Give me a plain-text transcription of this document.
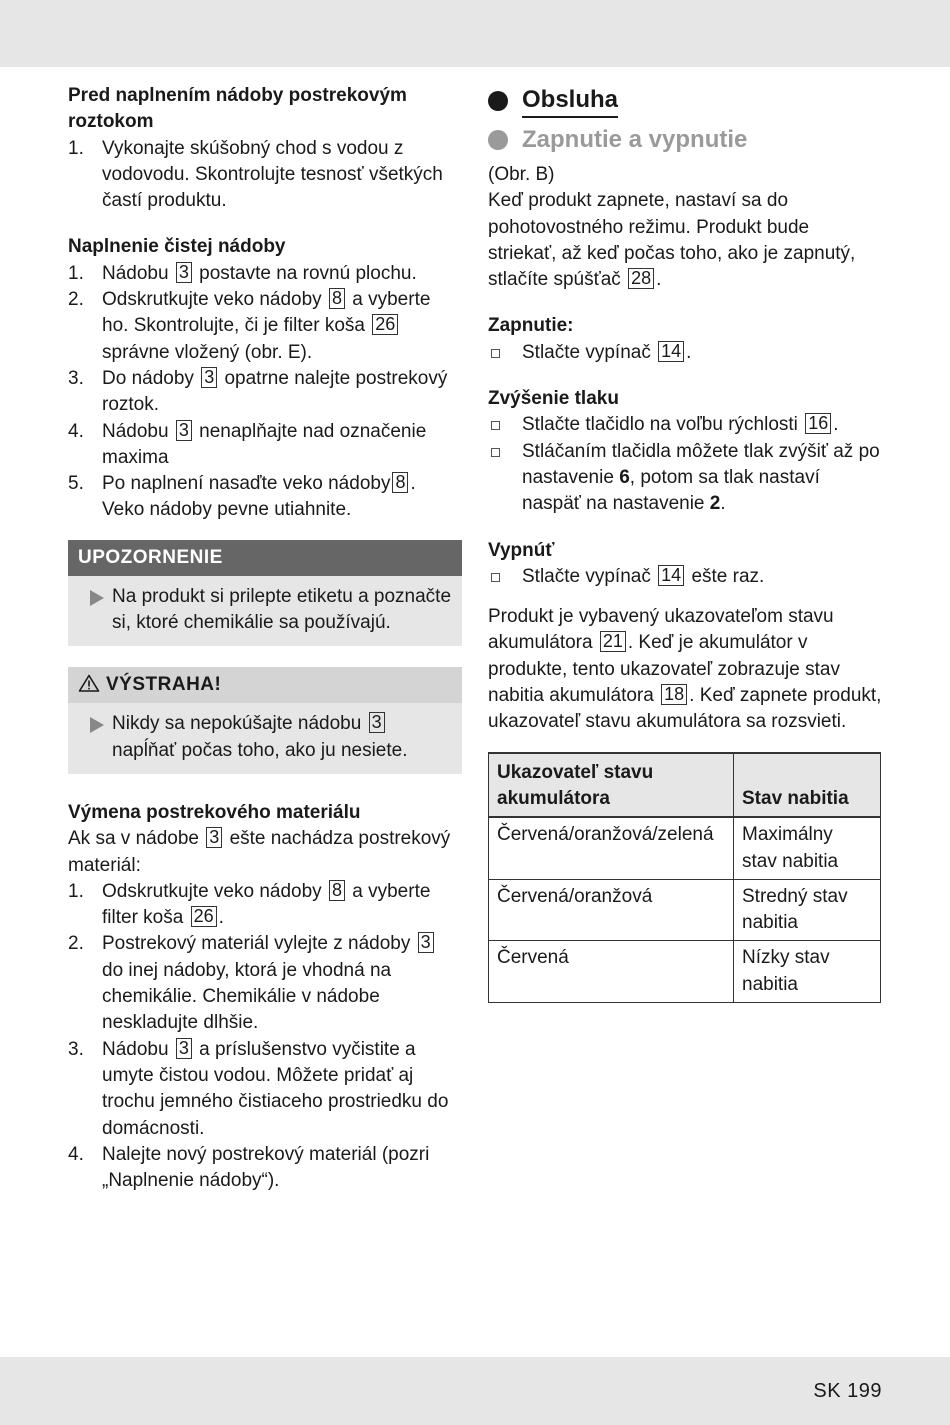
Pred naplnením nádoby postrekovým roztokom
1. Vykonajte skúšobný chod s vodou z vodovodu. Skontrolujte tesnosť všetkých častí produktu.
Naplnenie čistej nádoby
1. Nádobu 3 postavte na rovnú plochu.
2. Odskrutkujte veko nádoby 8 a vyberte ho. Skontrolujte, či je filter koša 26 správne vložený (obr. E).
3. Do nádoby 3 opatrne nalejte postrekový roztok.
4. Nádobu 3 nenaplňajte nad označenie maxima
5. Po naplnení nasaďte veko nádoby 8 . Veko nádoby pevne utiahnite.
UPOZORNENIE
Na produkt si prilepte etiketu a poznačte si, ktoré chemikálie sa používajú.
VÝSTRAHA!
Nikdy sa nepokúšajte nádobu 3 napĺňať počas toho, ako ju nesiete.
Výmena postrekového materiálu

Ak sa v nádobe 3 ešte nachádza postrekový materiál:

1. Odskrutkujte veko nádoby 8 a vyberte filter koša 26 .
2. Postrekový materiál vylejte z nádoby 3 do inej nádoby, ktorá je vhodná na chemikálie. Chemikálie v nádobe neskladujte dlhšie.
3. Nádobu 3 a príslušenstvo vyčistite a umyte čistou vodou. Môžete pridať aj trochu jemného čistiaceho prostriedku do domácnosti.
4. Nalejte nový postrekový materiál (pozri „Naplnenie nádoby“).
Obsluha
Zapnutie a vypnutie

(Obr. B)

Keď produkt zapnete, nastaví sa do pohotovostného režimu. Produkt bude striekať, až keď počas toho, ako je zapnutý, stlačíte spúšťač 28 .

Zapnutie:
Stlačte vypínač 14 .
Zvýšenie tlaku
Stlačte tlačidlo na voľbu rýchlosti 16 .
Stláčaním tlačidla môžete tlak zvýšiť až po nastavenie 6, potom sa tlak nastaví naspäť na nastavenie 2.
Vypnúť
Stlačte vypínač 14 ešte raz.

Produkt je vybavený ukazovateľom stavu akumulátora 21 . Keď je akumulátor v produkte, tento ukazovateľ zobrazuje stav nabitia akumulátora 18 . Keď zapnete produkt, ukazovateľ stavu akumulátora sa rozsvieti.

Ukazovateľ stavu akumulátora	Stav nabitia
Červená/oranžová/zelená	Maximálny stav nabitia
Červená/oranžová	Stredný stav nabitia
Červená	Nízky stav nabitia
SK 199
